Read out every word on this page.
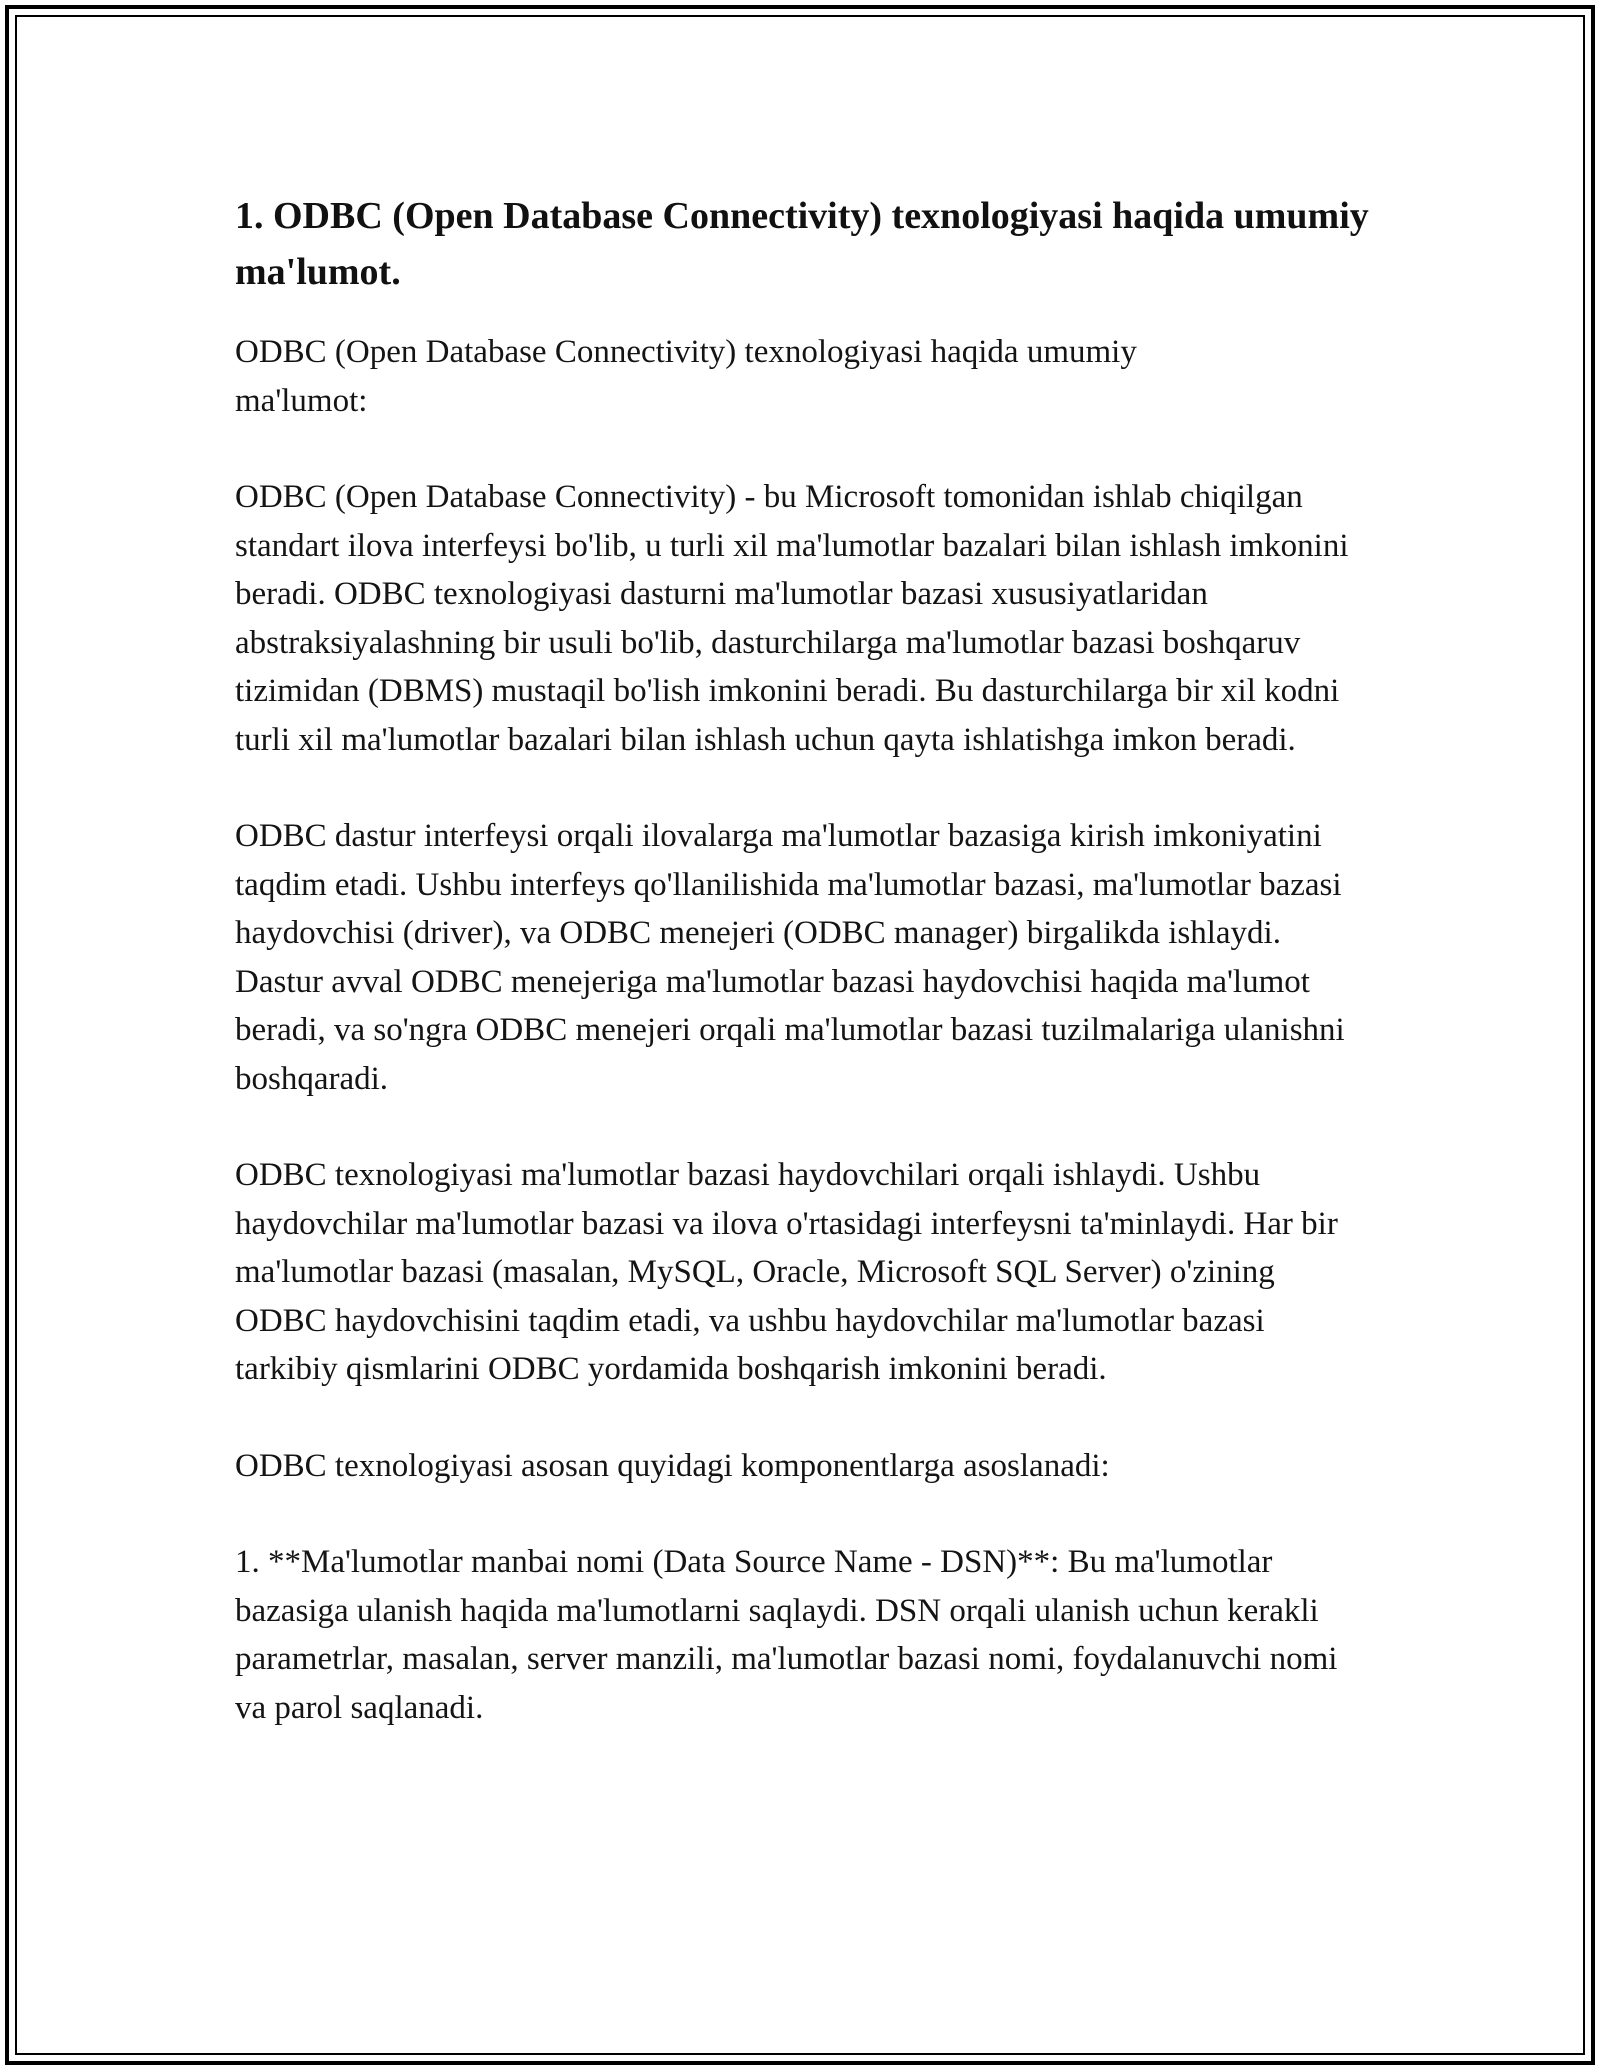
1. ODBC (Open Database Connectivity) texnologiyasi haqida umumiy ma'lumot.

ODBC (Open Database Connectivity) texnologiyasi haqida umumiy ma'lumot:

ODBC (Open Database Connectivity) - bu Microsoft tomonidan ishlab chiqilgan standart ilova interfeysi bo'lib, u turli xil ma'lumotlar bazalari bilan ishlash imkonini beradi. ODBC texnologiyasi dasturni ma'lumotlar bazasi xususiyatlaridan abstraksiyalashning bir usuli bo'lib, dasturchilarga ma'lumotlar bazasi boshqaruv tizimidan (DBMS) mustaqil bo'lish imkonini beradi. Bu dasturchilarga bir xil kodni turli xil ma'lumotlar bazalari bilan ishlash uchun qayta ishlatishga imkon beradi.

ODBC dastur interfeysi orqali ilovalarga ma'lumotlar bazasiga kirish imkoniyatini taqdim etadi. Ushbu interfeys qo'llanilishida ma'lumotlar bazasi, ma'lumotlar bazasi haydovchisi (driver), va ODBC menejeri (ODBC manager) birgalikda ishlaydi. Dastur avval ODBC menejeriga ma'lumotlar bazasi haydovchisi haqida ma'lumot beradi, va so'ngra ODBC menejeri orqali ma'lumotlar bazasi tuzilmalariga ulanishni boshqaradi.

ODBC texnologiyasi ma'lumotlar bazasi haydovchilari orqali ishlaydi. Ushbu haydovchilar ma'lumotlar bazasi va ilova o'rtasidagi interfeysni ta'minlaydi. Har bir ma'lumotlar bazasi (masalan, MySQL, Oracle, Microsoft SQL Server) o'zining ODBC haydovchisini taqdim etadi, va ushbu haydovchilar ma'lumotlar bazasi tarkibiy qismlarini ODBC yordamida boshqarish imkonini beradi.

ODBC texnologiyasi asosan quyidagi komponentlarga asoslanadi:

1. **Ma'lumotlar manbai nomi (Data Source Name - DSN)**: Bu ma'lumotlar bazasiga ulanish haqida ma'lumotlarni saqlaydi. DSN orqali ulanish uchun kerakli parametrlar, masalan, server manzili, ma'lumotlar bazasi nomi, foydalanuvchi nomi va parol saqlanadi.
